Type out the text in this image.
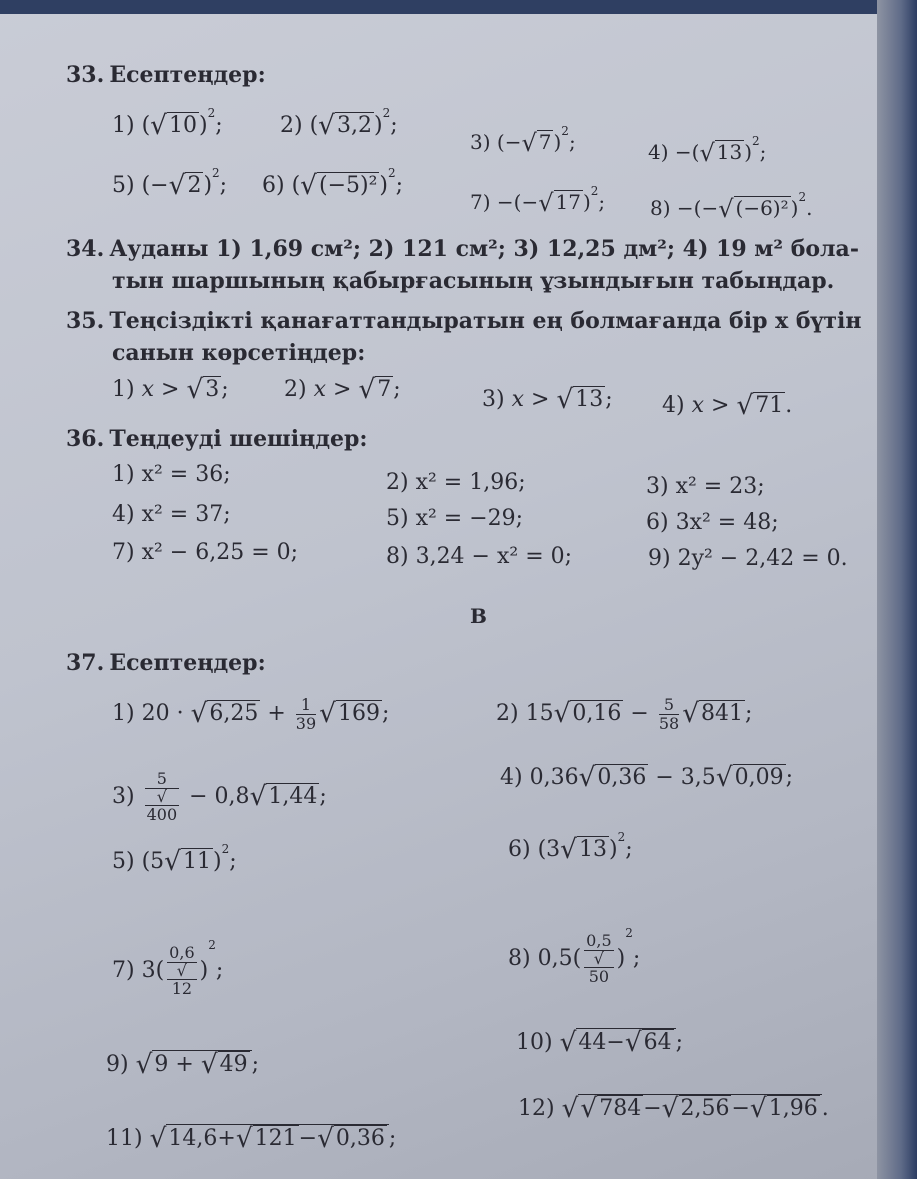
33. Есептеңдер:
1) $(√10)^2$;	2) $(√3,2)^2$;
3) (−√ 7 )$^2$;	4) −(√ 13 )$^2$;
5) $(-√2)^2$; 6) $(√(-5)^2)^2$;
7) −(−√ 17 )$^2$; 8) −(−√ (−6)² )$^2$.
34. Ауданы 1) 1,69 см²; 2) 121 см²; 3) 12,25 дм²; 4) 19 м² бола-
тын шаршының қабырғасының ұзындығын табыңдар.
35. Теңсіздікті қанағаттандыратын ең болмағанда бір x бүтін
санын көрсетіңдер:
1) x > √3;	2) x > √7;	3) x > √13; 4) x > √71.
36. Теңдеуді шешіңдер:
1) x² = 36;	2) x² = 1,96;	3) x² = 23;
4) x² = 37;	5) x² = −29;	6) 3x² = 48;
7) x² − 6,25 = 0;	8) 3,24 − x² = 0;	9) 2y² − 2,42 = 0.
В
37. Есептеңдер:
1) $20 \cdot √6,25 + \frac{1}{39} √169$;	2) $15√0,16 - \frac{5}{58} √841$;
3) 5
√
400 − 0,8√1,44;
4) 0,36√0,36 − 3,5√0,09;
5) $(5√11)^2$;	6) $(3√13)^2$;
7) 3( 0,6
√
12 )$^2$;	8) 0,5( 0,5
√
50 )$^2$;
9) √9 + √49 ;
10) √44−√64 ;
11) √14,6+√121−√0,36 ;
12) √√784−√2,56−√1,96 .
